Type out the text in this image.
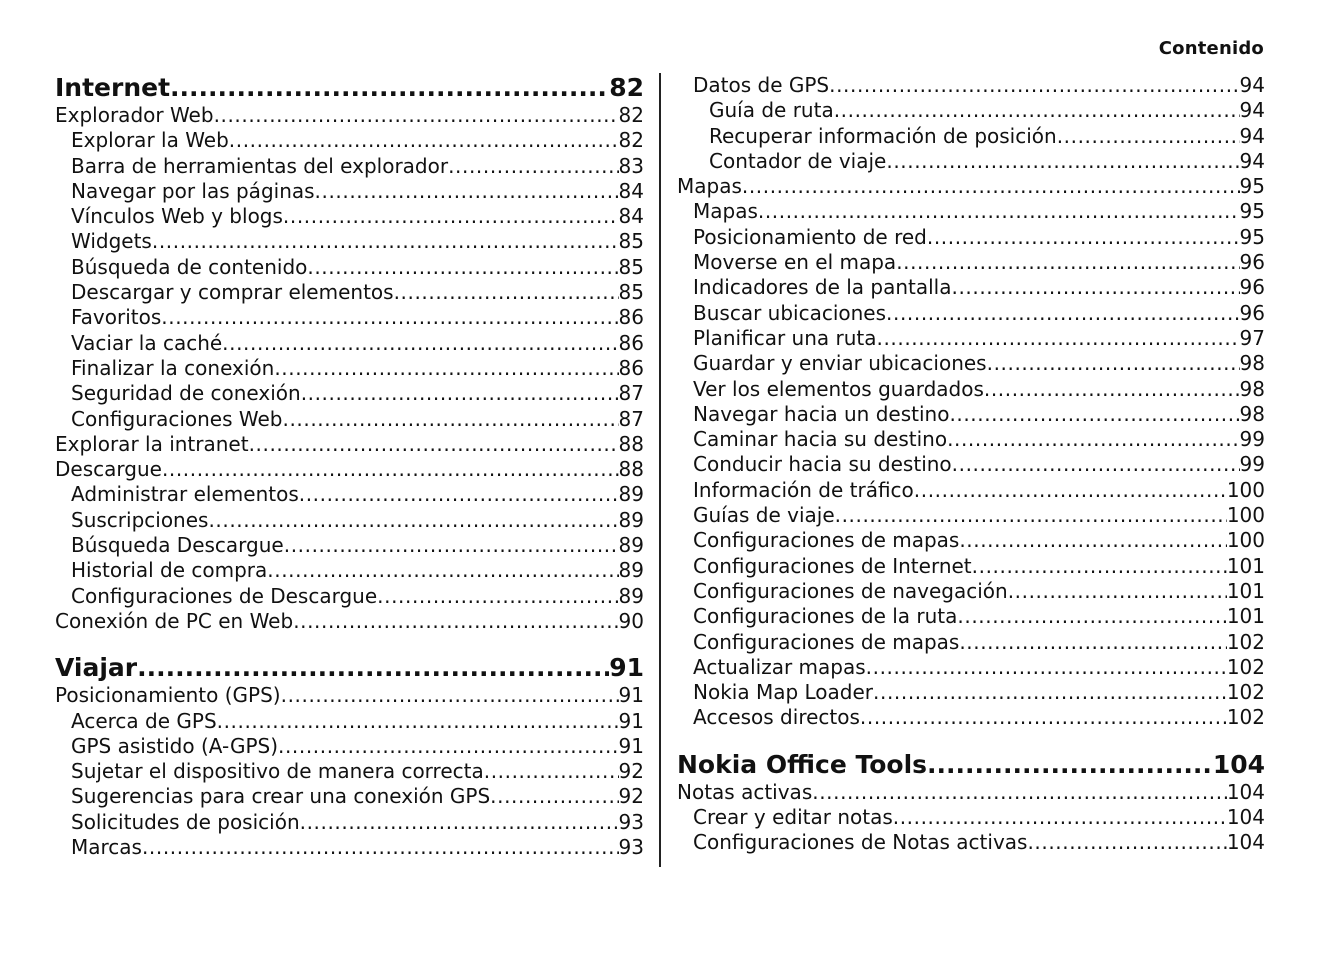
Contenido
Internet .....	82
Explorador Web .....	82
Explorar la Web .....	82
Barra de herramientas del explorador .....	83
Navegar por las páginas .....	84
Vínculos Web y blogs .....	84
Widgets .....	85
Búsqueda de contenido .....	85
Descargar y comprar elementos .....	85
Favoritos .....	86
Vaciar la caché .....	86
Finalizar la conexión .....	86
Seguridad de conexión .....	87
Configuraciones Web .....	87
Explorar la intranet .....	88
Descargue .....	88
Administrar elementos .....	89
Suscripciones .....	89
Búsqueda Descargue .....	89
Historial de compra .....	89
Configuraciones de Descargue .....	89
Conexión de PC en Web .....	90
Viajar .....	91
Posicionamiento (GPS) .....	91
Acerca de GPS .....	91
GPS asistido (A-GPS) .....	91
Sujetar el dispositivo de manera correcta .....	92
Sugerencias para crear una conexión GPS .....	92
Solicitudes de posición .....	93
Marcas .....	93
Datos de GPS .....	94
Guía de ruta .....	94
Recuperar información de posición .....	94
Contador de viaje .....	94
Mapas .....	95
Mapas .....	95
Posicionamiento de red .....	95
Moverse en el mapa .....	96
Indicadores de la pantalla .....	96
Buscar ubicaciones .....	96
Planificar una ruta .....	97
Guardar y enviar ubicaciones .....	98
Ver los elementos guardados .....	98
Navegar hacia un destino .....	98
Caminar hacia su destino .....	99
Conducir hacia su destino .....	99
Información de tráfico .....	100
Guías de viaje .....	100
Configuraciones de mapas .....	100
Configuraciones de Internet .....	101
Configuraciones de navegación .....	101
Configuraciones de la ruta .....	101
Configuraciones de mapas .....	102
Actualizar mapas .....	102
Nokia Map Loader .....	102
Accesos directos .....	102
Nokia Office Tools .....	104
Notas activas .....	104
Crear y editar notas .....	104
Configuraciones de Notas activas .....	104
